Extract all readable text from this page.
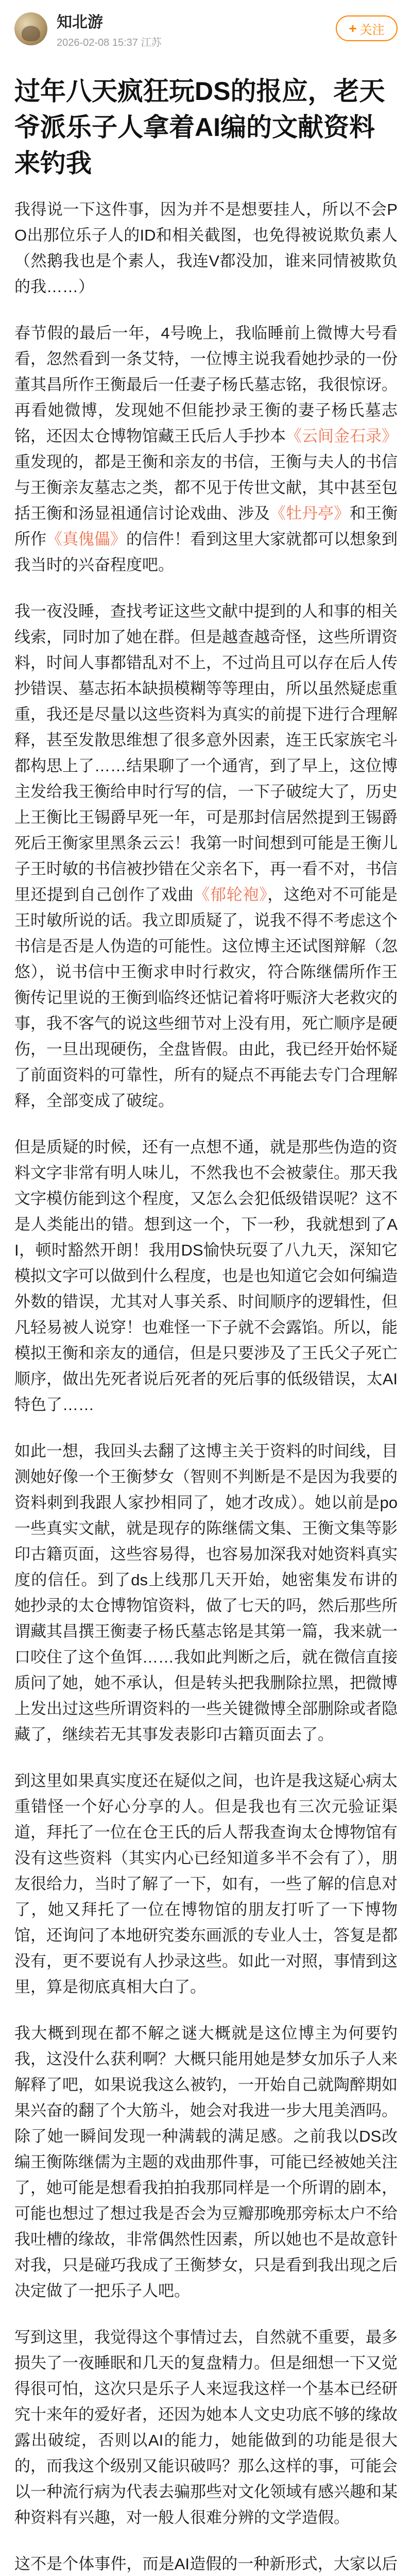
知北游
2026-02-08 15:37 江苏
+ 关注
过年八天疯狂玩DS的报应，老天爷派乐子人拿着AI编的文献资料来钓我

我得说一下这件事，因为并不是想要挂人，所以不会PO出那位乐子人的ID和相关截图，也免得被说欺负素人（然鹅我也是个素人，我连V都没加，谁来同情被欺负的我……）

春节假的最后一年，4号晚上，我临睡前上微博大号看看，忽然看到一条艾特，一位博主说我看她抄录的一份董其昌所作王衡最后一任妻子杨氏墓志铭，我很惊讶。再看她微博，发现她不但能抄录王衡的妻子杨氏墓志铭，还因太仓博物馆藏王氏后人手抄本《云间金石录》重发现的，都是王衡和亲友的书信，王衡与夫人的书信与王衡亲友墓志之类，都不见于传世文献，其中甚至包括王衡和汤显祖通信讨论戏曲、涉及《牡丹亭》和王衡所作《真傀儡》的信件！看到这里大家就都可以想象到我当时的兴奋程度吧。

我一夜没睡，查找考证这些文献中提到的人和事的相关线索，同时加了她在群。但是越查越奇怪，这些所谓资料，时间人事都错乱对不上，不过尚且可以存在后人传抄错误、墓志拓本缺损模糊等等理由，所以虽然疑虑重重，我还是尽量以这些资料为真实的前提下进行合理解释，甚至发散思维想了很多意外因素，连王氏家族宅斗都构思上了……结果聊了一个通宵，到了早上，这位博主发给我王衡给申时行写的信，一下子破绽大了，历史上王衡比王锡爵早死一年，可是那封信居然提到王锡爵死后王衡家里黑条云云！我第一时间想到可能是王衡儿子王时敏的书信被抄错在父亲名下，再一看不对，书信里还提到自己创作了戏曲《郁轮袍》，这绝对不可能是王时敏所说的话。我立即质疑了，说我不得不考虑这个书信是否是人伪造的可能性。这位博主还试图辩解（忽悠），说书信中王衡求申时行救灾，符合陈继儒所作王衡传记里说的王衡到临终还惦记着将吁赈济大老救灾的事，我不客气的说这些细节对上没有用，死亡顺序是硬伤，一旦出现硬伤，全盘皆假。由此，我已经开始怀疑了前面资料的可靠性，所有的疑点不再能去专门合理解释，全部变成了破绽。

但是质疑的时候，还有一点想不通，就是那些伪造的资料文字非常有明人味儿，不然我也不会被蒙住。那天我文字模仿能到这个程度，又怎么会犯低级错误呢？这不是人类能出的错。想到这一个，下一秒，我就想到了AI，顿时豁然开朗！我用DS愉快玩耍了八九天，深知它模拟文字可以做到什么程度，也是也知道它会如何编造外数的错误，尤其对人事关系、时间顺序的逻辑性，但凡轻易被人说穿！也难怪一下子就不会露馅。所以，能模拟王衡和亲友的通信，但是只要涉及了王氏父子死亡顺序，做出先死者说后死者的死后事的低级错误，太AI特色了……

如此一想，我回头去翻了这博主关于资料的时间线，目测她好像一个王衡梦女（智则不判断是不是因为我要的资料刺到我跟人家抄相同了，她才改成）。她以前是po一些真实文献，就是现存的陈继儒文集、王衡文集等影印古籍页面，这些容易得，也容易加深我对她资料真实度的信任。到了ds上线那几天开始，她密集发布讲的她抄录的太仓博物馆资料，做了七天的吗，然后那些所谓藏其昌撰王衡妻子杨氏墓志铭是其第一篇，我来就一口咬住了这个鱼饵……我如此判断之后，就在微信直接质问了她，她不承认，但是转头把我删除拉黑，把微博上发出过这些所谓资料的一些关键微博全部删除或者隐藏了，继续若无其事发表影印古籍页面去了。

到这里如果真实度还在疑似之间，也许是我这疑心病太重错怪一个好心分享的人。但是我也有三次元验证渠道，拜托了一位在仓王氏的后人帮我查询太仓博物馆有没有这些资料（其实内心已经知道多半不会有了），朋友很给力，当时了解了一下，如有，一些了解的信息对了，她又拜托了一位在博物馆的朋友打听了一下博物馆，还询问了本地研究娄东画派的专业人士，答复是都没有，更不要说有人抄录这些。如此一对照，事情到这里，算是彻底真相大白了。

我大概到现在都不解之谜大概就是这位博主为何要钓我，这没什么获利啊？大概只能用她是梦女加乐子人来解释了吧，如果说我这么被钓，一开始自己就陶醉期如果兴奋的翻了个大筋斗，她会对我进一步大甩美酒吗。除了她一瞬间发现一种满载的满足感。之前我以DS改编王衡陈继儒为主题的戏曲那件事，可能已经被她关注了，她可能是想看我拍拍我那同样是一个所谓的剧本，可能也想过了想过我是否会为豆瓣那晚那旁标太户不给我吐槽的缘故，非常偶然性因素，所以她也不是故意针对我，只是碰巧我成了王衡梦女，只是看到我出现之后决定做了一把乐子人吧。

写到这里，我觉得这个事情过去，自然就不重要，最多损失了一夜睡眠和几天的复盘精力。但是细想一下又觉得很可怕，这次只是乐子人来逗我这样一个基本已经研究十来年的爱好者，还因为她本人文史功底不够的缘故露出破绽，否则以AI的能力，她能做到的功能是很大的，而我这个级别又能识破吗？那么这样的事，可能会以一种流行病为代表去骗那些对文化领域有感兴趣和某种资料有兴趣，对一般人很难分辨的文学造假。

这不是个体事件，而是AI造假的一种新形式，大家以后
